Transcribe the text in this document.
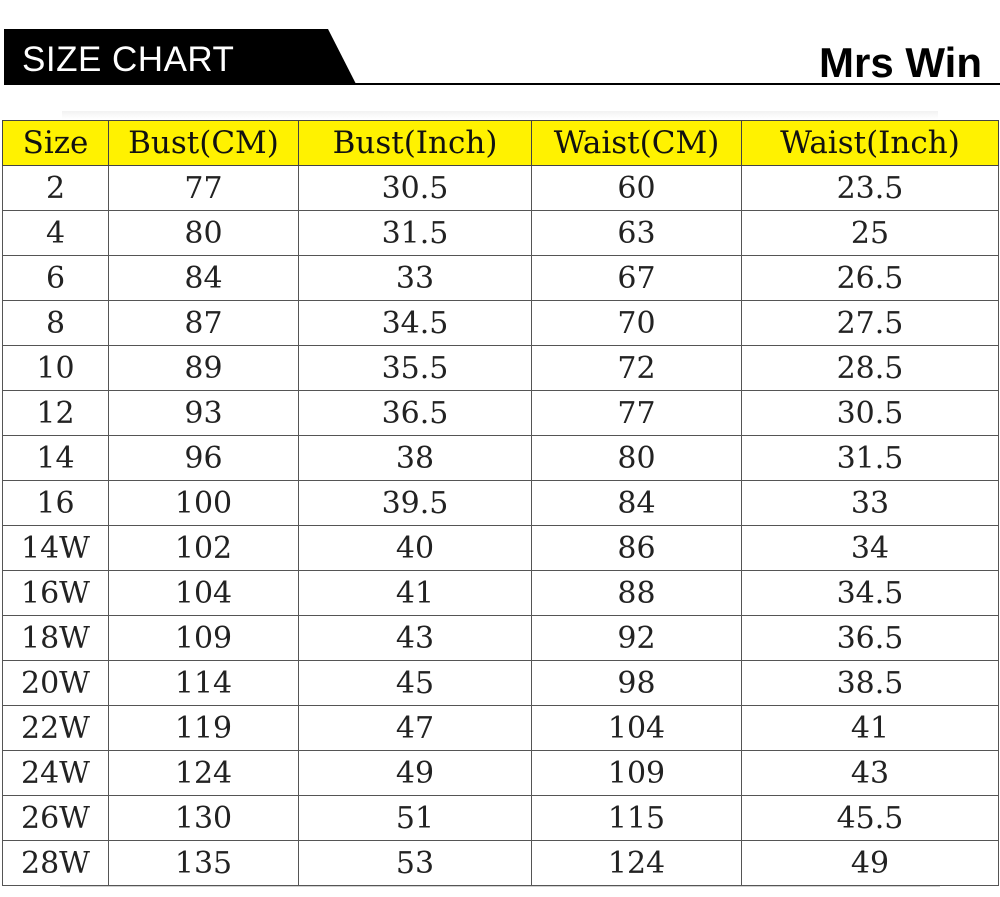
SIZE CHART	Mrs Win
Size	Bust(CM)	Bust(Inch)	Waist(CM)	Waist(Inch)
2	77	30.5	60	23.5
4	80	31.5	63	25
6	84	33	67	26.5
8	87	34.5	70	27.5
10	89	35.5	72	28.5
12	93	36.5	77	30.5
14	96	38	80	31.5
16	100	39.5	84	33
14W	102	40	86	34
16W	104	41	88	34.5
18W	109	43	92	36.5
20W	114	45	98	38.5
22W	119	47	104	41
24W	124	49	109	43
26W	130	51	115	45.5
28W	135	53	124	49
